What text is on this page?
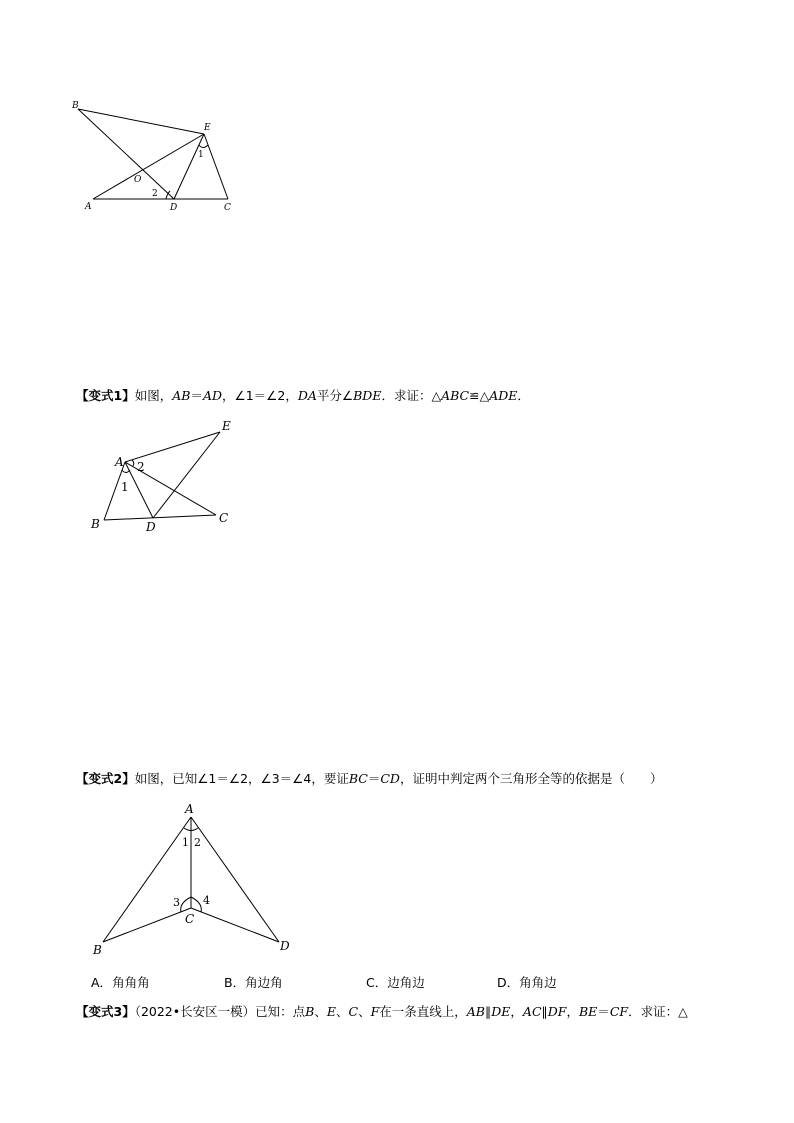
B
E
O
A	D	C
1
2
【变式1】如图，AB＝AD，∠1＝∠2，DA平分∠BDE．求证：△ABC≌△ADE．
A
E
B	D
C
1
2
【变式2】如图，已知∠1＝∠2，∠3＝∠4，要证BC＝CD，证明中判定两个三角形全等的依据是（　　）
A
B
C
D
1 2
3 4
A．角角角	B．角边角	C．边角边	D．角角边
【变式3】（2022•长安区一模）已知：点B、E、C、F在一条直线上，AB∥DE，AC∥DF，BE＝CF．求证：△
